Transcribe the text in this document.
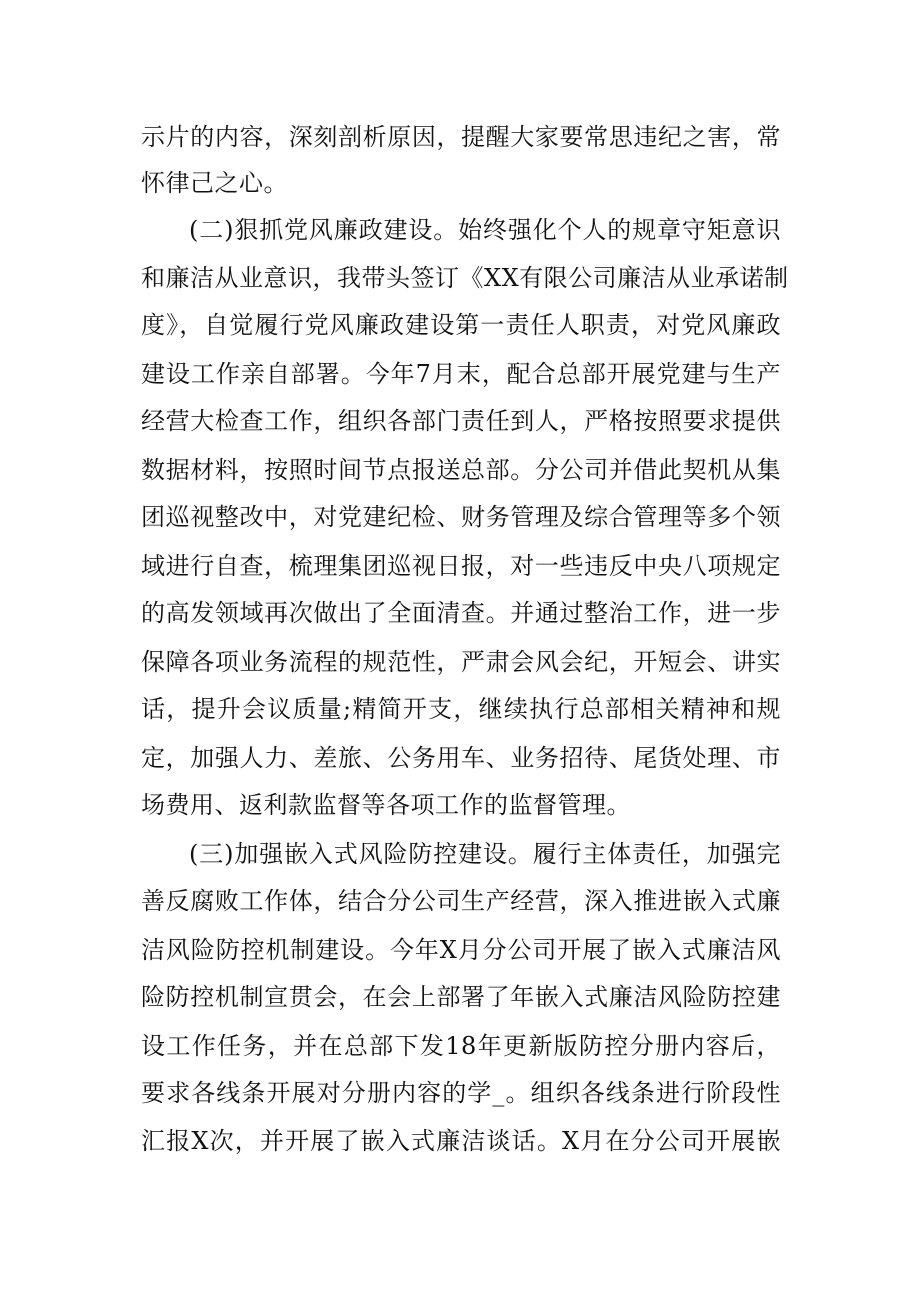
示片的内容，深刻剖析原因，提醒大家要常思违纪之害，常
怀律己之心。
(二)狠抓党风廉政建设。始终强化个人的规章守矩意识
和廉洁从业意识，我带头签订《XX有限公司廉洁从业承诺制
度》，自觉履行党风廉政建设第一责任人职责，对党风廉政
建设工作亲自部署。今年7月末，配合总部开展党建与生产
经营大检查工作，组织各部门责任到人，严格按照要求提供
数据材料，按照时间节点报送总部。分公司并借此契机从集
团巡视整改中，对党建纪检、财务管理及综合管理等多个领
域进行自查，梳理集团巡视日报，对一些违反中央八项规定
的高发领域再次做出了全面清查。并通过整治工作，进一步
保障各项业务流程的规范性，严肃会风会纪，开短会、讲实
话，提升会议质量;精简开支，继续执行总部相关精神和规
定，加强人力、差旅、公务用车、业务招待、尾货处理、市
场费用、返利款监督等各项工作的监督管理。
(三)加强嵌入式风险防控建设。履行主体责任，加强完
善反腐败工作体，结合分公司生产经营，深入推进嵌入式廉
洁风险防控机制建设。今年X月分公司开展了嵌入式廉洁风
险防控机制宣贯会，在会上部署了年嵌入式廉洁风险防控建
设工作任务，并在总部下发18年更新版防控分册内容后，
要求各线条开展对分册内容的学_。组织各线条进行阶段性
汇报X次，并开展了嵌入式廉洁谈话。X月在分公司开展嵌
